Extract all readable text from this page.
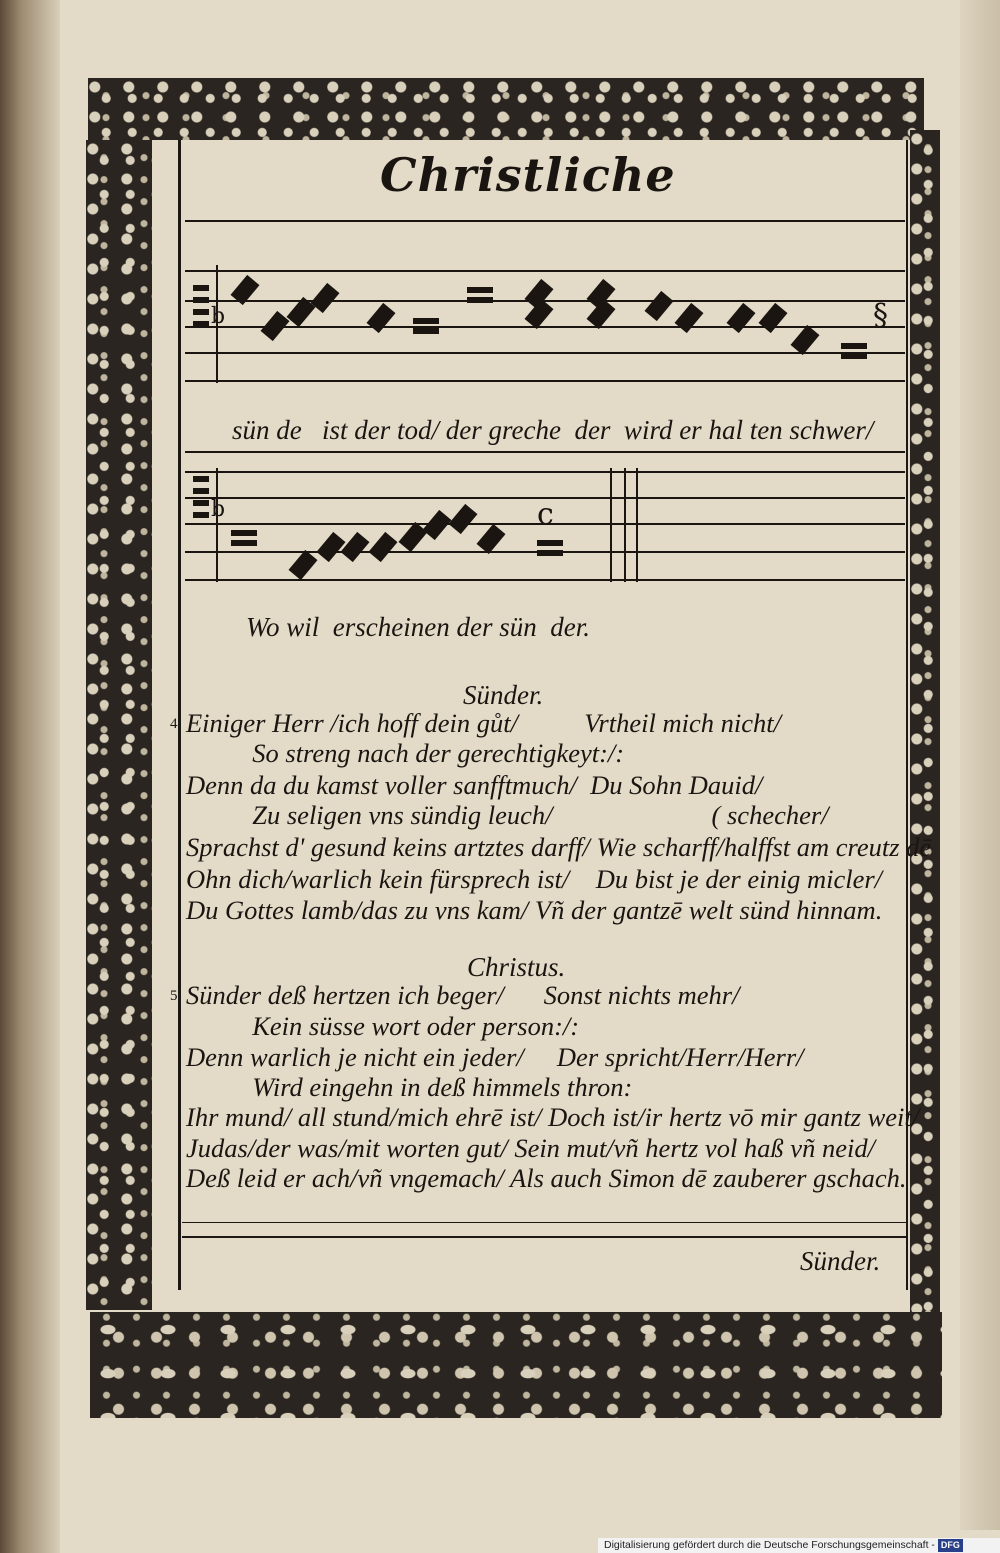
Christliche
b	§
sün de   ist der tod/ der greche  der  wird er hal ten schwer/
b	c
Wo wil  erscheinen der sün  der.
Sünder.
4 Einiger Herr /ich hoff dein gůt/          Vrtheil mich nicht/
So streng nach der gerechtigkeyt:/:
Denn da du kamst voller sanfftmuch/  Du Sohn Dauid/
Zu seligen vns sündig leuch/                        ( schecher/
Sprachst d' gesund keins artztes darff/ Wie scharff/halffst am creutz dē
Ohn dich/warlich kein fürsprech ist/    Du bist je der einig micler/
Du Gottes lamb/das zu vns kam/ Vñ der gantzē welt sünd hinnam.
Christus.
5 Sünder deß hertzen ich beger/      Sonst nichts mehr/
Kein süsse wort oder person:/:
Denn warlich je nicht ein jeder/     Der spricht/Herr/Herr/
Wird eingehn in deß himmels thron:
Ihr mund/ all stund/mich ehrē ist/ Doch ist/ir hertz vō mir gantz weit/
Judas/der was/mit worten gut/ Sein mut/vñ hertz vol haß vñ neid/
Deß leid er ach/vñ vngemach/ Als auch Simon dē zauberer gschach.
Sünder.
Digitalisierung gefördert durch die Deutsche Forschungsgemeinschaft - DFG
